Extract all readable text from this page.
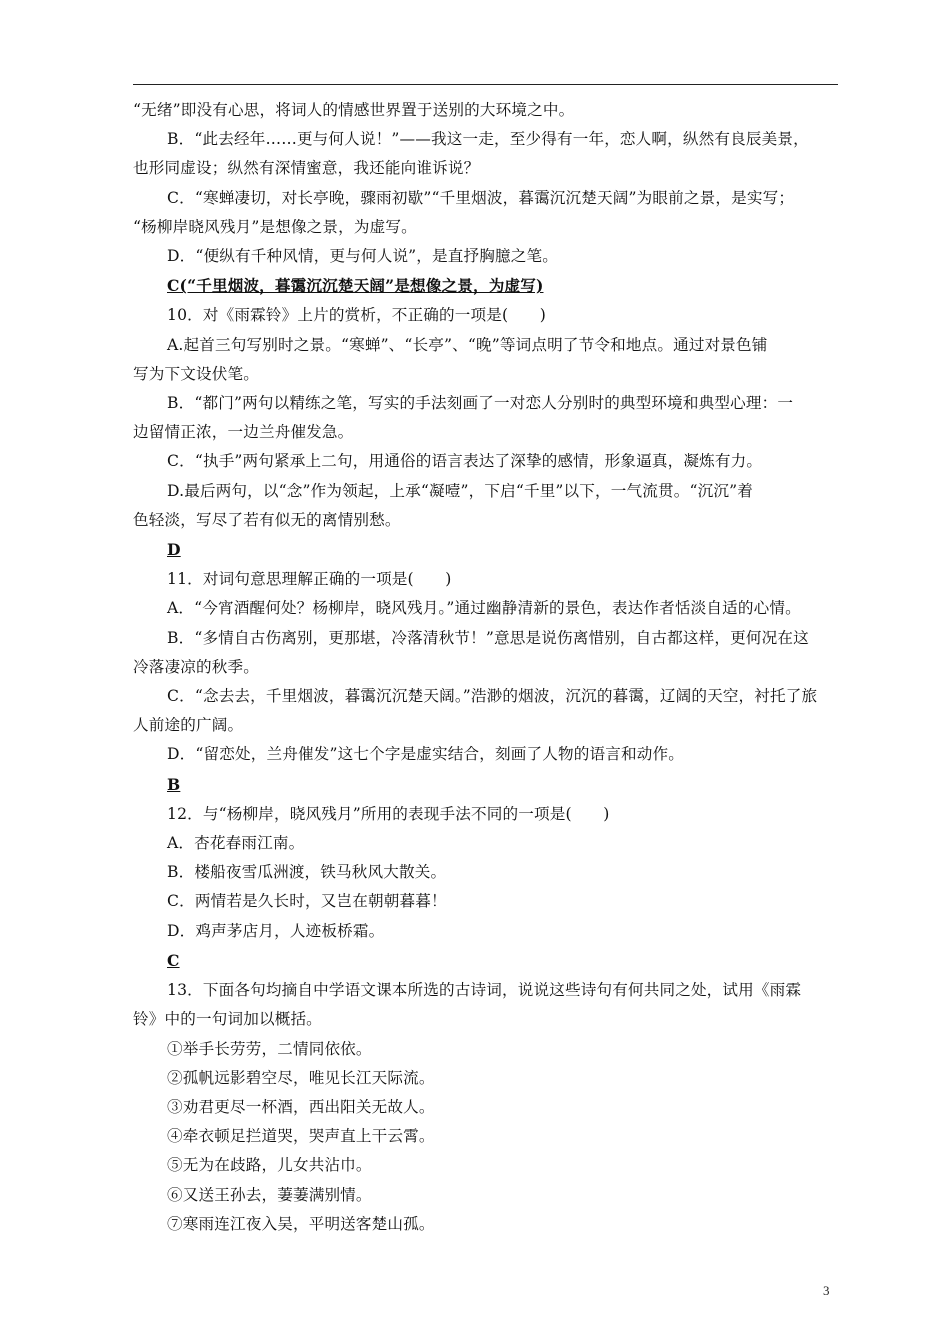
“无绪”即没有心思，将词人的情感世界置于送别的大环境之中。
B．“此去经年……更与何人说！”——我这一走，至少得有一年，恋人啊，纵然有良辰美景，
也形同虚设；纵然有深情蜜意，我还能向谁诉说？
C．“寒蝉凄切，对长亭晚，骤雨初歇”“千里烟波，暮霭沉沉楚天阔”为眼前之景，是实写；
“杨柳岸晓风残月”是想像之景，为虚写。
D．“便纵有千种风情，更与何人说”，是直抒胸臆之笔。
C(“千里烟波，暮霭沉沉楚天阔”是想像之景，为虚写)
10．对《雨霖铃》上片的赏析，不正确的一项是(　　)
A.起首三句写别时之景。“寒蝉”、“长亭”、“晚”等词点明了节令和地点。通过对景色铺
写为下文设伏笔。
B．“都门”两句以精练之笔，写实的手法刻画了一对恋人分别时的典型环境和典型心理：一
边留情正浓，一边兰舟催发急。
C．“执手”两句紧承上二句，用通俗的语言表达了深挚的感情，形象逼真，凝炼有力。
D.最后两句，以“念”作为领起，上承“凝噎”，下启“千里”以下，一气流贯。“沉沉”着
色轻淡，写尽了若有似无的离情别愁。
D
11．对词句意思理解正确的一项是(　　)
A．“今宵酒醒何处？杨柳岸，晓风残月。”通过幽静清新的景色，表达作者恬淡自适的心情。
B．“多情自古伤离别，更那堪，冷落清秋节！”意思是说伤离惜别，自古都这样，更何况在这
冷落凄凉的秋季。
C．“念去去，千里烟波，暮霭沉沉楚天阔。”浩渺的烟波，沉沉的暮霭，辽阔的天空，衬托了旅
人前途的广阔。
D．“留恋处，兰舟催发”这七个字是虚实结合，刻画了人物的语言和动作。
B
12．与“杨柳岸，晓风残月”所用的表现手法不同的一项是(　　)
A．杏花春雨江南。
B．楼船夜雪瓜洲渡，铁马秋风大散关。
C．两情若是久长时，又岂在朝朝暮暮！
D．鸡声茅店月，人迹板桥霜。
C
13．下面各句均摘自中学语文课本所选的古诗词，说说这些诗句有何共同之处，试用《雨霖
铃》中的一句词加以概括。
①举手长劳劳，二情同依依。
②孤帆远影碧空尽，唯见长江天际流。
③劝君更尽一杯酒，西出阳关无故人。
④牵衣顿足拦道哭，哭声直上干云霄。
⑤无为在歧路，儿女共沾巾。
⑥又送王孙去，萋萋满别情。
⑦寒雨连江夜入吴，平明送客楚山孤。
3
